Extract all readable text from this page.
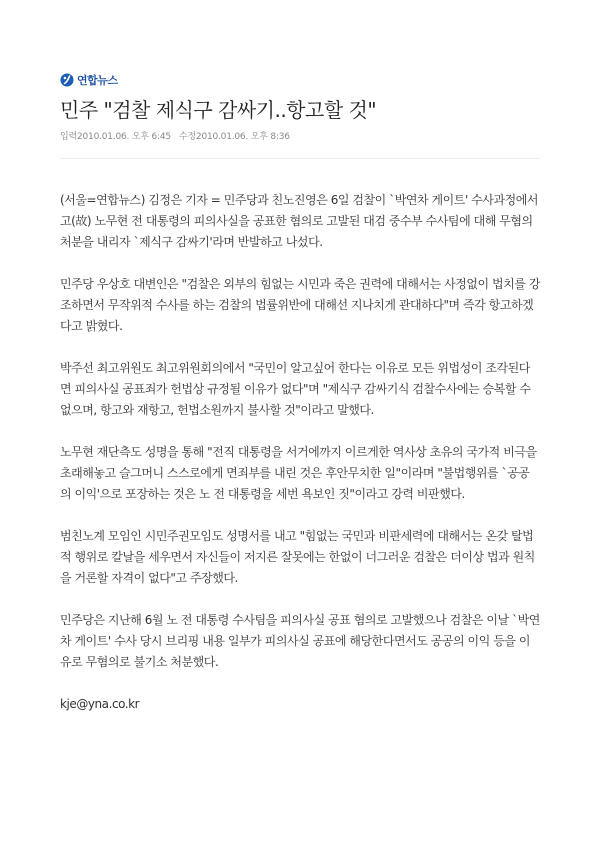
연합뉴스
민주 "검찰 제식구 감싸기..항고할 것"
입력2010.01.06. 오후 6:45 수정2010.01.06. 오후 8:36

(서울=연합뉴스) 김정은 기자 = 민주당과 친노진영은 6일 검찰이 `박연차 게이트' 수사과정에서 고(故) 노무현 전 대통령의 피의사실을 공표한 혐의로 고발된 대검 중수부 수사팀에 대해 무혐의 처분을 내리자 `제식구 감싸기'라며 반발하고 나섰다.

민주당 우상호 대변인은 "검찰은 외부의 힘없는 시민과 죽은 권력에 대해서는 사정없이 법치를 강조하면서 무작위적 수사를 하는 검찰의 법률위반에 대해선 지나치게 관대하다"며 즉각 항고하겠다고 밝혔다.

박주선 최고위원도 최고위원회의에서 "국민이 알고싶어 한다는 이유로 모든 위법성이 조각된다면 피의사실 공표죄가 헌법상 규정될 이유가 없다"며 "제식구 감싸기식 검찰수사에는 승복할 수 없으며, 항고와 재항고, 헌법소원까지 불사할 것"이라고 말했다.

노무현 재단측도 성명을 통해 "전직 대통령을 서거에까지 이르게한 역사상 초유의 국가적 비극을 초래해놓고 슬그머니 스스로에게 면죄부를 내린 것은 후안무치한 일"이라며 "불법행위를 `공공의 이익'으로 포장하는 것은 노 전 대통령을 세번 욕보인 짓"이라고 강력 비판했다.

범친노계 모임인 시민주권모임도 성명서를 내고 "힘없는 국민과 비판세력에 대해서는 온갖 탈법적 행위로 칼날을 세우면서 자신들이 저지른 잘못에는 한없이 너그러운 검찰은 더이상 법과 원칙을 거론할 자격이 없다"고 주장했다.

민주당은 지난해 6월 노 전 대통령 수사팀을 피의사실 공표 혐의로 고발했으나 검찰은 이날 `박연차 게이트' 수사 당시 브리핑 내용 일부가 피의사실 공표에 해당한다면서도 공공의 이익 등을 이유로 무혐의로 불기소 처분했다.

kje@yna.co.kr
